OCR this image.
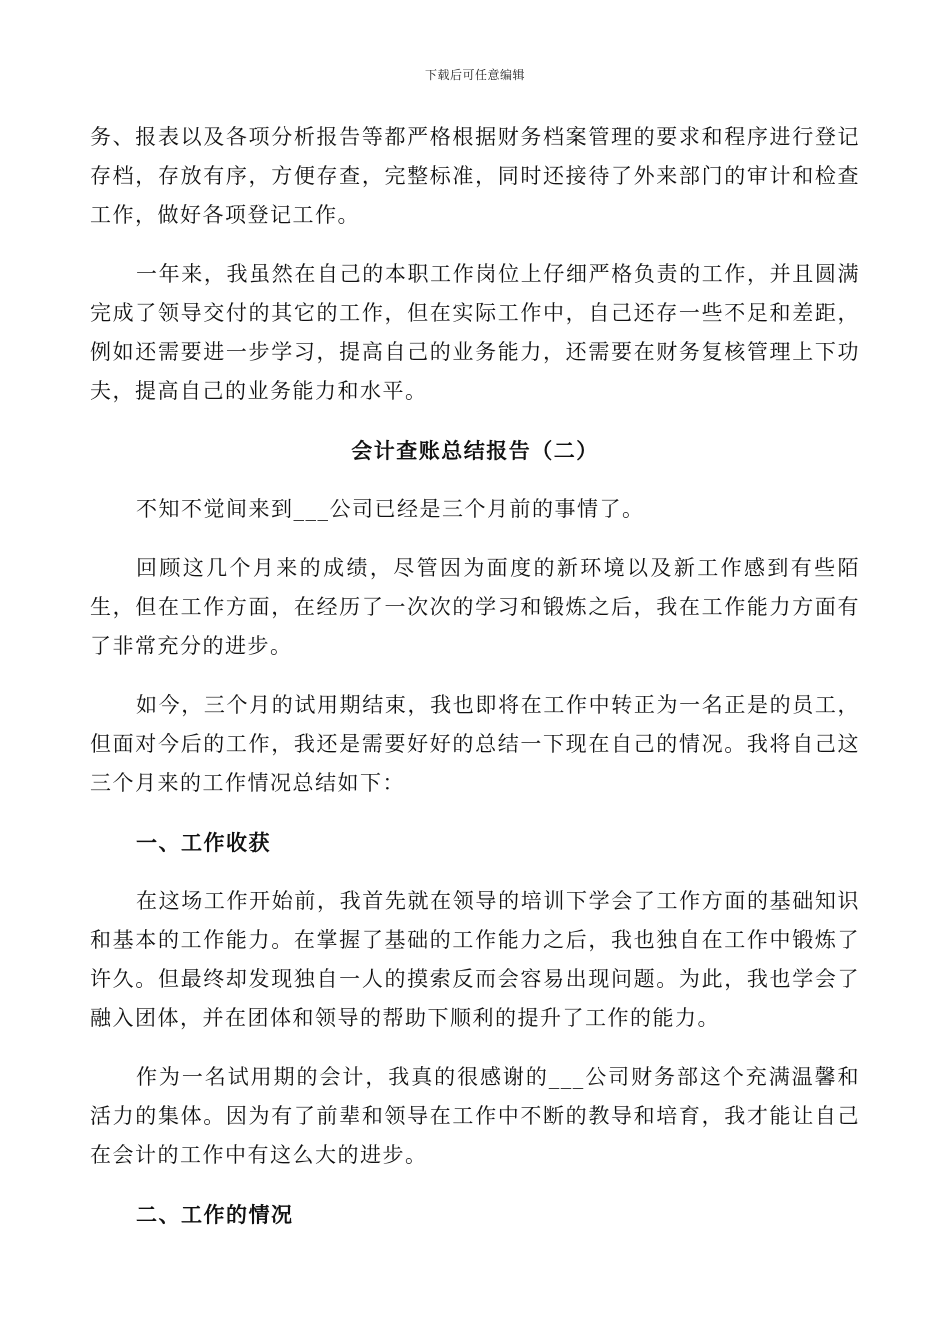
下载后可任意编辑

务、报表以及各项分析报告等都严格根据财务档案管理的要求和程序进行登记存档，存放有序，方便存查，完整标准，同时还接待了外来部门的审计和检查工作，做好各项登记工作。

一年来，我虽然在自己的本职工作岗位上仔细严格负责的工作，并且圆满完成了领导交付的其它的工作，但在实际工作中，自己还存一些不足和差距，例如还需要进一步学习，提高自己的业务能力，还需要在财务复核管理上下功夫，提高自己的业务能力和水平。

会计查账总结报告（二）

不知不觉间来到___公司已经是三个月前的事情了。

回顾这几个月来的成绩，尽管因为面度的新环境以及新工作感到有些陌生，但在工作方面，在经历了一次次的学习和锻炼之后，我在工作能力方面有了非常充分的进步。

如今，三个月的试用期结束，我也即将在工作中转正为一名正是的员工，但面对今后的工作，我还是需要好好的总结一下现在自己的情况。我将自己这三个月来的工作情况总结如下：

一、工作收获

在这场工作开始前，我首先就在领导的培训下学会了工作方面的基础知识和基本的工作能力。在掌握了基础的工作能力之后，我也独自在工作中锻炼了许久。但最终却发现独自一人的摸索反而会容易出现问题。为此，我也学会了融入团体，并在团体和领导的帮助下顺利的提升了工作的能力。

作为一名试用期的会计，我真的很感谢的___公司财务部这个充满温馨和活力的集体。因为有了前辈和领导在工作中不断的教导和培育，我才能让自己在会计的工作中有这么大的进步。

二、工作的情况
